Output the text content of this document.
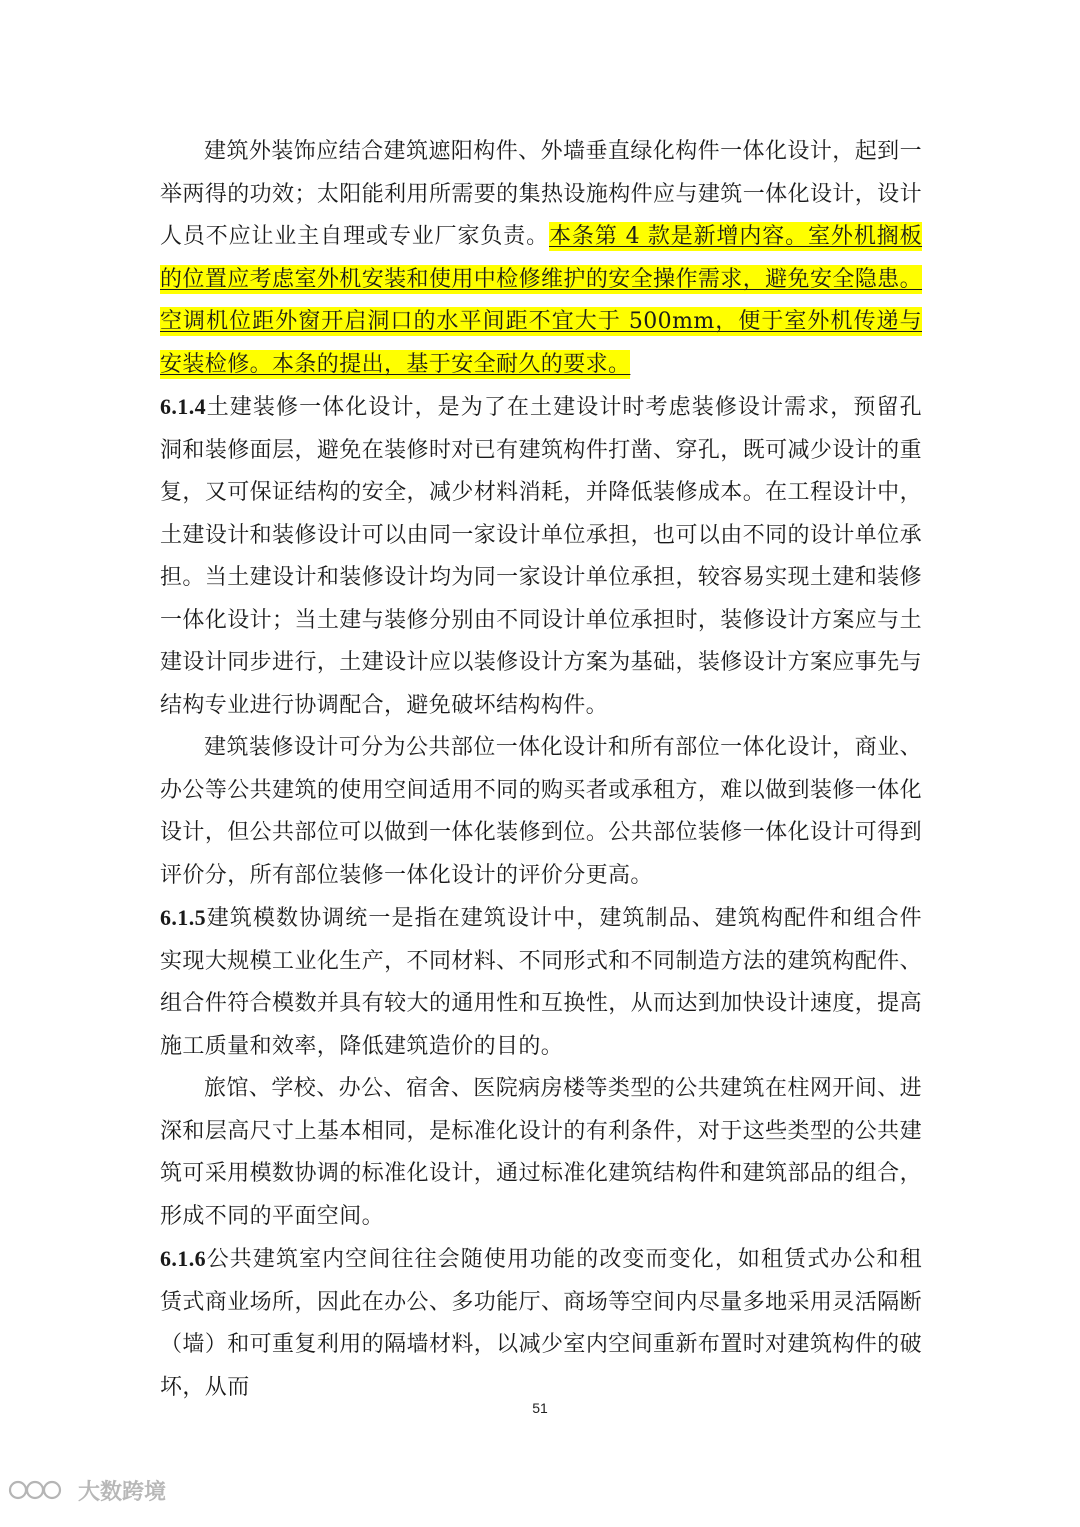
建筑外装饰应结合建筑遮阳构件、外墙垂直绿化构件一体化设计，起到一举两得的功效；太阳能利用所需要的集热设施构件应与建筑一体化设计，设计人员不应让业主自理或专业厂家负责。本条第 4 款是新增内容。室外机搁板的位置应考虑室外机安装和使用中检修维护的安全操作需求，避免安全隐患。空调机位距外窗开启洞口的水平间距不宜大于 500mm，便于室外机传递与安装检修。本条的提出，基于安全耐久的要求。

6.1.4土建装修一体化设计，是为了在土建设计时考虑装修设计需求，预留孔洞和装修面层，避免在装修时对已有建筑构件打凿、穿孔，既可减少设计的重复，又可保证结构的安全，减少材料消耗，并降低装修成本。在工程设计中，土建设计和装修设计可以由同一家设计单位承担，也可以由不同的设计单位承担。当土建设计和装修设计均为同一家设计单位承担，较容易实现土建和装修一体化设计；当土建与装修分别由不同设计单位承担时，装修设计方案应与土建设计同步进行，土建设计应以装修设计方案为基础，装修设计方案应事先与结构专业进行协调配合，避免破坏结构构件。

建筑装修设计可分为公共部位一体化设计和所有部位一体化设计，商业、办公等公共建筑的使用空间适用不同的购买者或承租方，难以做到装修一体化设计，但公共部位可以做到一体化装修到位。公共部位装修一体化设计可得到评价分，所有部位装修一体化设计的评价分更高。

6.1.5建筑模数协调统一是指在建筑设计中，建筑制品、建筑构配件和组合件实现大规模工业化生产，不同材料、不同形式和不同制造方法的建筑构配件、组合件符合模数并具有较大的通用性和互换性，从而达到加快设计速度，提高施工质量和效率，降低建筑造价的目的。

旅馆、学校、办公、宿舍、医院病房楼等类型的公共建筑在柱网开间、进深和层高尺寸上基本相同，是标准化设计的有利条件，对于这些类型的公共建筑可采用模数协调的标准化设计，通过标准化建筑结构件和建筑部品的组合，形成不同的平面空间。

6.1.6公共建筑室内空间往往会随使用功能的改变而变化，如租赁式办公和租赁式商业场所，因此在办公、多功能厅、商场等空间内尽量多地采用灵活隔断（墙）和可重复利用的隔墙材料，以减少室内空间重新布置时对建筑构件的破坏，从而

51
大数跨境
